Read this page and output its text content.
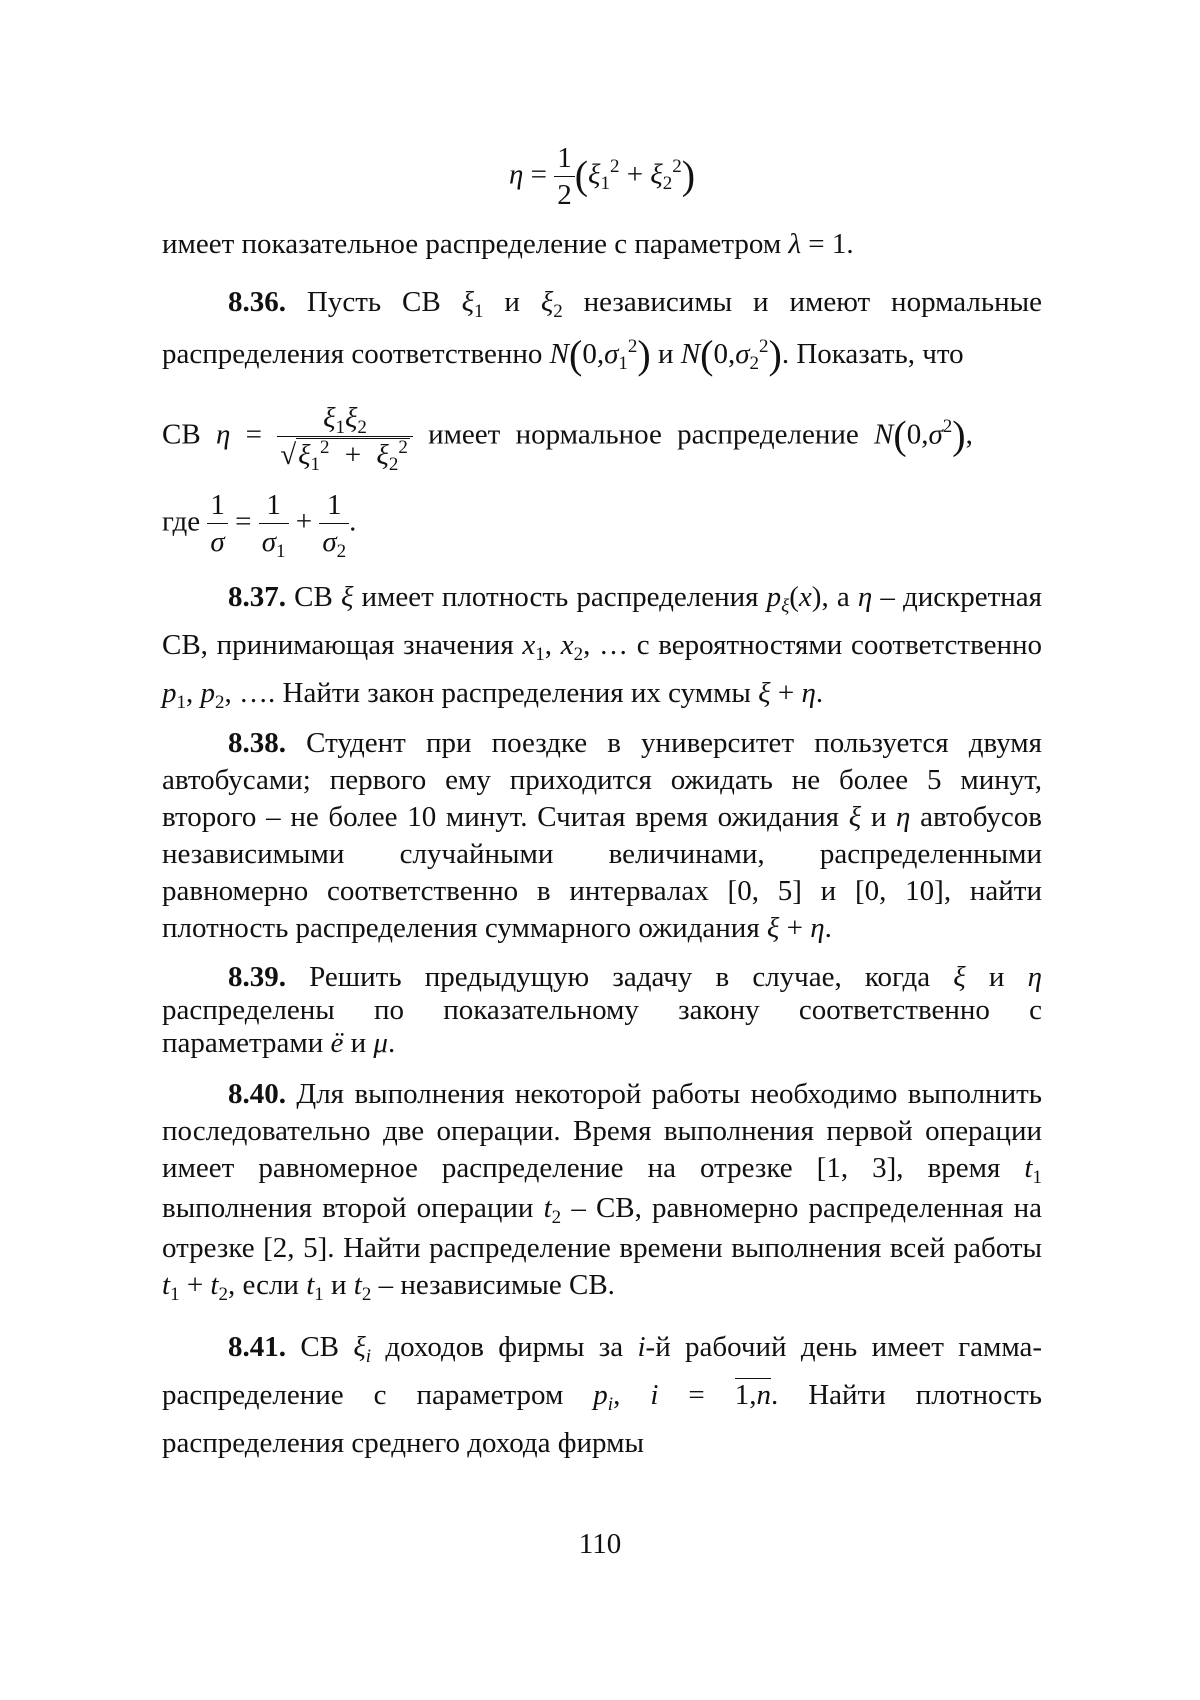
$\eta = \frac{1}{2} (\xi_1^2 + \xi_2^2)$

имеет показательное распределение с параметром λ = 1.

8.36. Пусть СВ $\xi_1$ и $\xi_2$ независимы и имеют нормальные распределения соответственно $N(0,\sigma_1^2)$ и $N(0,\sigma_2^2)$. Показать, что

СВ $\eta = \frac{\xi_1\xi_2}{√\xi_1^2 + \xi_2^2}$ имеет нормальное распределение $N(0,\sigma^2)$,

где $\frac{1}{\sigma} = \frac{1}{\sigma_1} + \frac{1}{\sigma_2}$ .

8.37. СВ ξ имеет плотность распределения $p_\xi(x)$, а η – дискретная СВ, принимающая значения $x_1$, $x_2$, … с вероятностями соответственно $p_1$, $p_2$, …. Найти закон распределения их суммы ξ + η.

8.38. Студент при поездке в университет пользуется двумя автобусами; первого ему приходится ожидать не более 5 минут, второго – не более 10 минут. Считая время ожидания ξ и η автобусов независимыми случайными величинами, распределенными равномерно соответственно в интервалах [0, 5] и [0, 10], найти плотность распределения суммарного ожидания ξ + η.

8.39. Решить предыдущую задачу в случае, когда ξ и η распределены по показательному закону соответственно с параметрами ё и μ.

8.40. Для выполнения некоторой работы необходимо выполнить последовательно две операции. Время выполнения первой операции имеет равномерное распределение на отрезке [1, 3], время $t_1$ выполнения второй операции $t_2$ – СВ, равномерно распределенная на отрезке [2, 5]. Найти распределение времени выполнения всей работы $t_1 + t_2$, если $t_1$ и $t_2$ – независимые СВ.

8.41. СВ $\xi_i$ доходов фирмы за i-й рабочий день имеет гамма-распределение с параметром $p_i$, i = 1,n. Найти плотность распределения среднего дохода фирмы

110
